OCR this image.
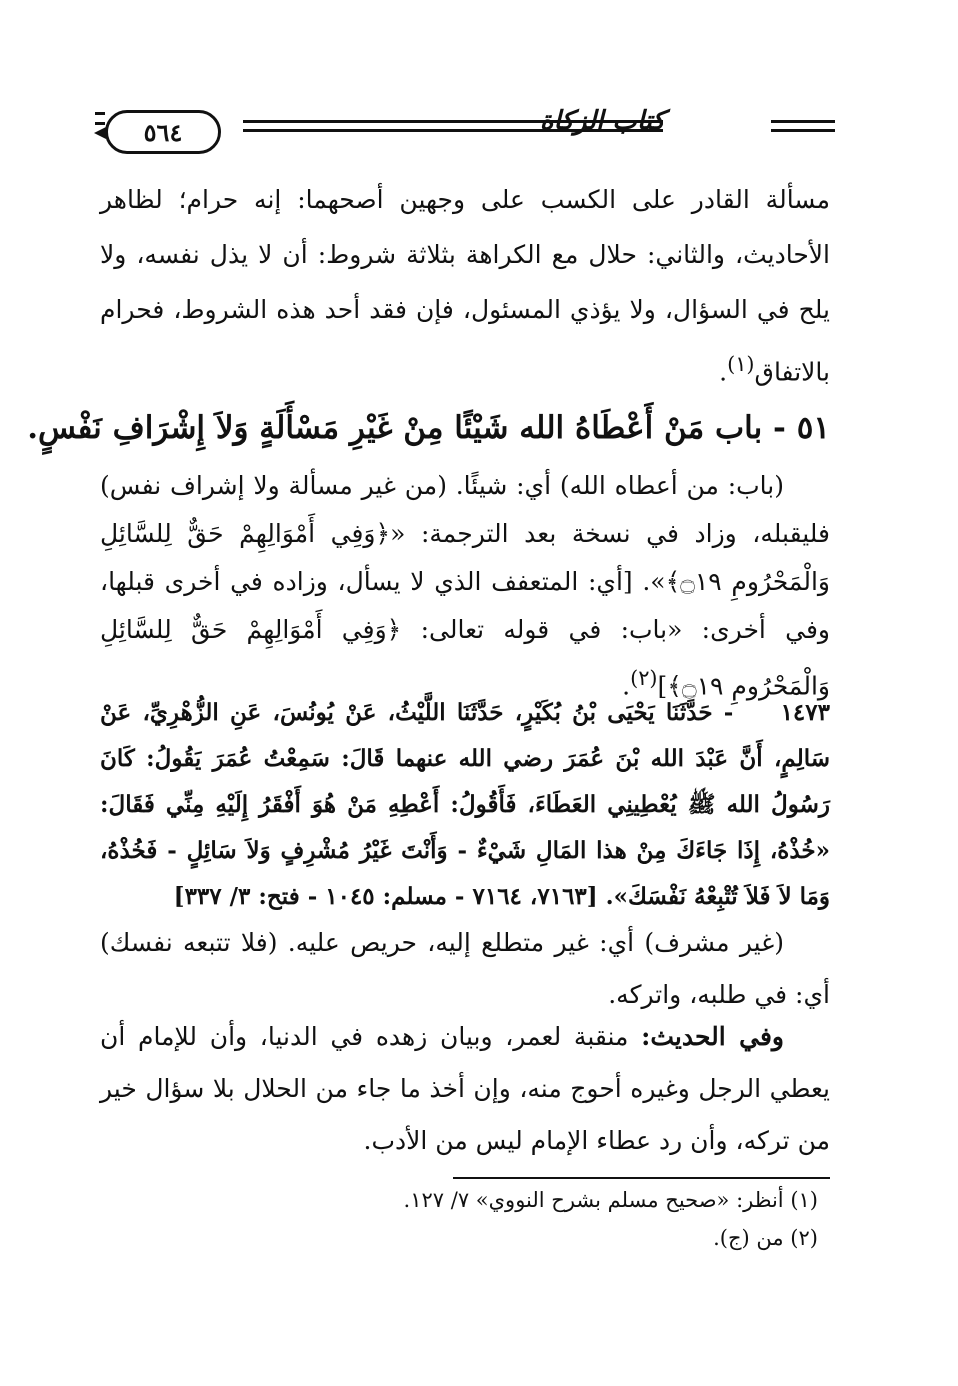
٥٦٤	كتاب الزكاة
مسألة القادر على الكسب على وجهين أصحهما: إنه حرام؛ لظاهر الأحاديث، والثاني: حلال مع الكراهة بثلاثة شروط: أن لا يذل نفسه، ولا يلح في السؤال، ولا يؤذي المسئول، فإن فقد أحد هذه الشروط، فحرام بالاتفاق$^{(١)}$.
٥١ - باب مَنْ أَعْطَاهُ الله شَيْئًا مِنْ غَيْرِ مَسْأَلَةٍ وَلاَ إِشْرَافِ نَفْسٍ.
(باب: من أعطاه الله) أي: شيئًا. (من غير مسألة ولا إشراف نفس) فليقبله، وزاد في نسخة بعد الترجمة: «﴿وَفِي أَمْوَالِهِمْ حَقٌّ لِلسَّائِلِ وَالْمَحْرُومِ ۝١٩﴾». [أي: المتعفف الذي لا يسأل، وزاده في أخرى قبلها، وفي أخرى: «باب: في قوله تعالى: ﴿وَفِي أَمْوَالِهِمْ حَقٌّ لِلسَّائِلِ وَالْمَحْرُومِ ۝١٩﴾]$^{(٢)}$.
١٤٧٣ - حَدَّثَنَا يَحْيَى بْنُ بُكَيْرٍ، حَدَّثَنَا اللَّيْثُ، عَنْ يُونُسَ، عَنِ الزُّهْرِيِّ، عَنْ سَالِمٍ، أَنَّ عَبْدَ الله بْنَ عُمَرَ رضي الله عنهما قَالَ: سَمِعْتُ عُمَرَ يَقُولُ: كَانَ رَسُولُ الله ﷺ يُعْطِينِي العَطَاءَ، فَأَقُولُ: أَعْطِهِ مَنْ هُوَ أَفْقَرُ إِلَيْهِ مِنِّي فَقَالَ: «خُذْهُ، إِذَا جَاءَكَ مِنْ هذا المَالِ شَيْءٌ - وَأَنْتَ غَيْرُ مُشْرِفٍ وَلاَ سَائِلٍ - فَخُذْهُ، وَمَا لاَ فَلاَ تُتْبِعْهُ نَفْسَكَ». [٧١٦٣، ٧١٦٤ - مسلم: ١٠٤٥ - فتح: ٣/ ٣٣٧]
(غير مشرف) أي: غير متطلع إليه، حريص عليه. (فلا تتبعه نفسك) أي: في طلبه، واتركه.
وفي الحديث: منقبة لعمر، وبيان زهده في الدنيا، وأن للإمام أن يعطي الرجل وغيره أحوج منه، وإن أخذ ما جاء من الحلال بلا سؤال خير من تركه، وأن رد عطاء الإمام ليس من الأدب.
(١) أنظر: «صحيح مسلم بشرح النووي» ٧/ ١٢٧.
(٢) من (ج).
